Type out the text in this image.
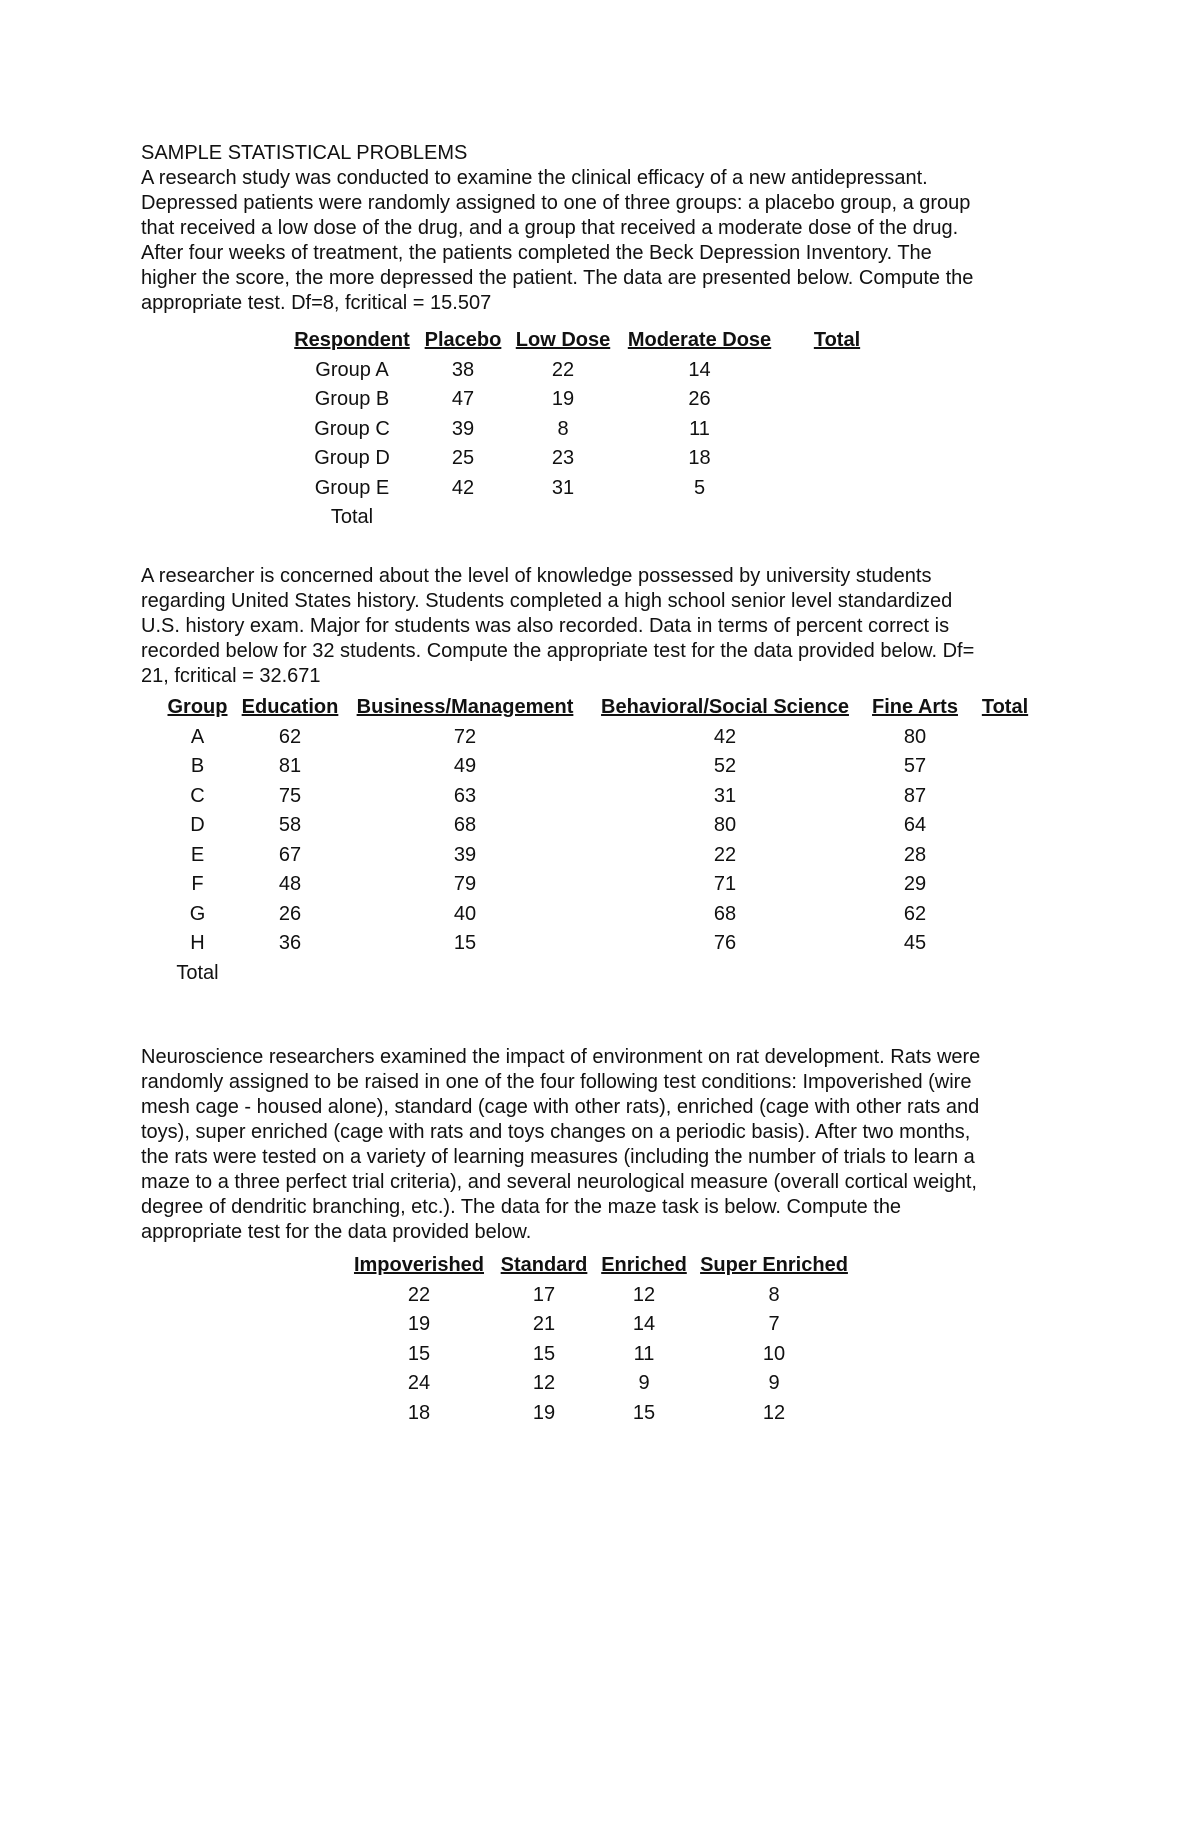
SAMPLE STATISTICAL PROBLEMS
A research study was conducted to examine the clinical efficacy of a new antidepressant.
Depressed patients were randomly assigned to one of three groups: a placebo group, a group
that received a low dose of the drug, and a group that received a moderate dose of the drug.
After four weeks of treatment, the patients completed the Beck Depression Inventory. The
higher the score, the more depressed the patient. The data are presented below. Compute the
appropriate test. Df=8, fcritical = 15.507
Respondent	Placebo	Low Dose	Moderate Dose	Total
Group A	38	22	14	
Group B	47	19	26	
Group C	39	8	11	
Group D	25	23	18	
Group E	42	31	5	
Total				
A researcher is concerned about the level of knowledge possessed by university students
regarding United States history. Students completed a high school senior level standardized
U.S. history exam. Major for students was also recorded. Data in terms of percent correct is
recorded below for 32 students. Compute the appropriate test for the data provided below. Df=
21, fcritical = 32.671
Group	Education	Business/Management	Behavioral/Social Science	Fine Arts	Total
A	62	72	42	80	
B	81	49	52	57	
C	75	63	31	87	
D	58	68	80	64	
E	67	39	22	28	
F	48	79	71	29	
G	26	40	68	62	
H	36	15	76	45	
Total					
Neuroscience researchers examined the impact of environment on rat development. Rats were
randomly assigned to be raised in one of the four following test conditions: Impoverished (wire
mesh cage - housed alone), standard (cage with other rats), enriched (cage with other rats and
toys), super enriched (cage with rats and toys changes on a periodic basis). After two months,
the rats were tested on a variety of learning measures (including the number of trials to learn a
maze to a three perfect trial criteria), and several neurological measure (overall cortical weight,
degree of dendritic branching, etc.). The data for the maze task is below. Compute the
appropriate test for the data provided below.
Impoverished	Standard	Enriched	Super Enriched
22	17	12	8
19	21	14	7
15	15	11	10
24	12	9	9
18	19	15	12
